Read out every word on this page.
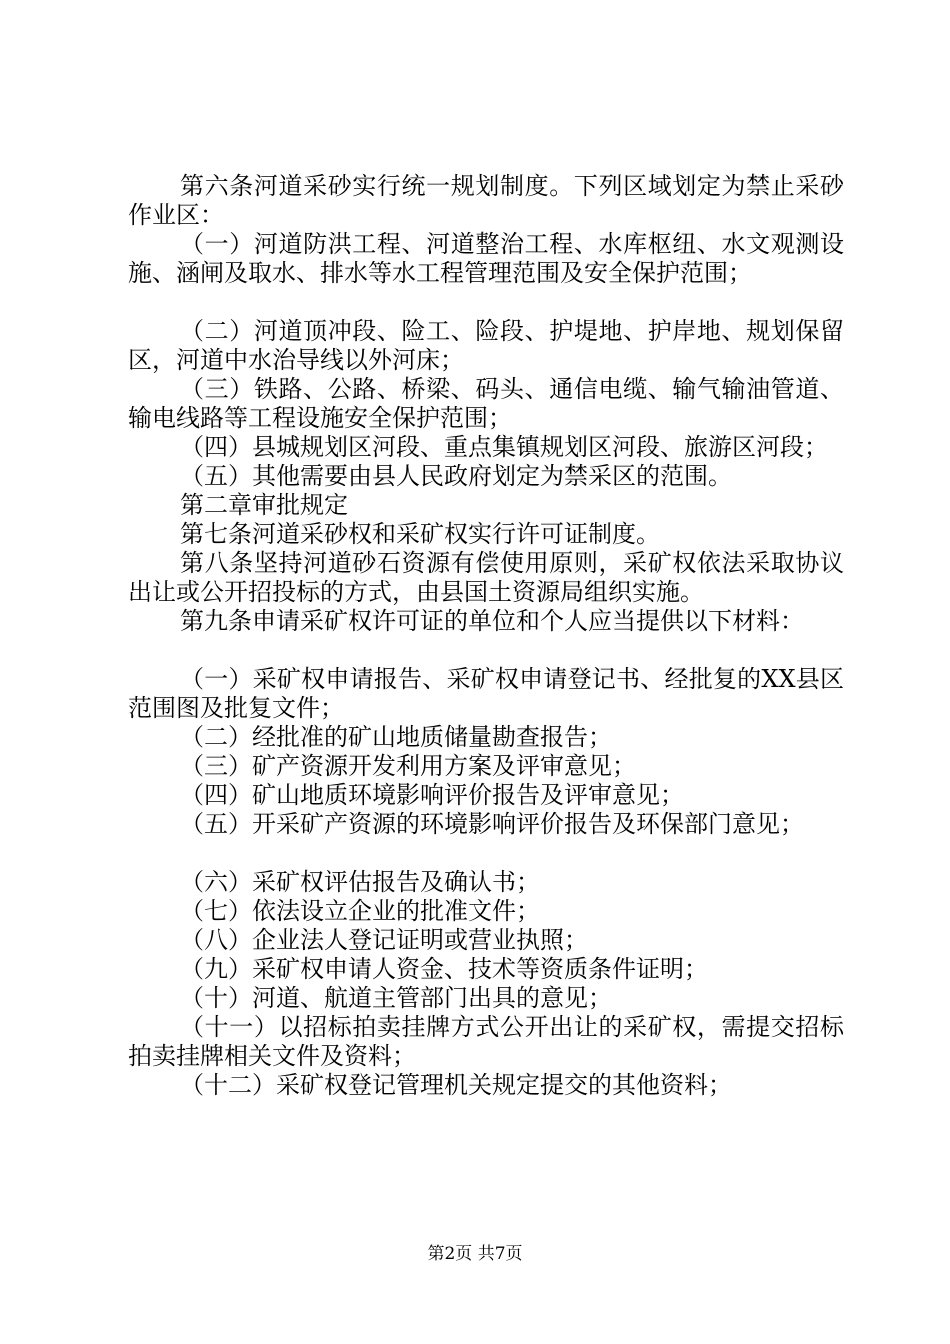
第六条河道采砂实行统一规划制度。下列区域划定为禁止采砂作业区：

（一）河道防洪工程、河道整治工程、水库枢纽、水文观测设施、涵闸及取水、排水等水工程管理范围及安全保护范围；

（二）河道顶冲段、险工、险段、护堤地、护岸地、规划保留区，河道中水治导线以外河床；

（三）铁路、公路、桥梁、码头、通信电缆、输气输油管道、输电线路等工程设施安全保护范围；

（四）县城规划区河段、重点集镇规划区河段、旅游区河段；

（五）其他需要由县人民政府划定为禁采区的范围。

第二章审批规定

第七条河道采砂权和采矿权实行许可证制度。

第八条坚持河道砂石资源有偿使用原则，采矿权依法采取协议出让或公开招投标的方式，由县国土资源局组织实施。

第九条申请采矿权许可证的单位和个人应当提供以下材料：

（一）采矿权申请报告、采矿权申请登记书、经批复的XX县区范围图及批复文件；

（二）经批准的矿山地质储量勘查报告；

（三）矿产资源开发利用方案及评审意见；

（四）矿山地质环境影响评价报告及评审意见；

（五）开采矿产资源的环境影响评价报告及环保部门意见；

（六）采矿权评估报告及确认书；

（七）依法设立企业的批准文件；

（八）企业法人登记证明或营业执照；

（九）采矿权申请人资金、技术等资质条件证明；

（十）河道、航道主管部门出具的意见；

（十一）以招标拍卖挂牌方式公开出让的采矿权，需提交招标拍卖挂牌相关文件及资料；

（十二）采矿权登记管理机关规定提交的其他资料；

第2页 共7页
